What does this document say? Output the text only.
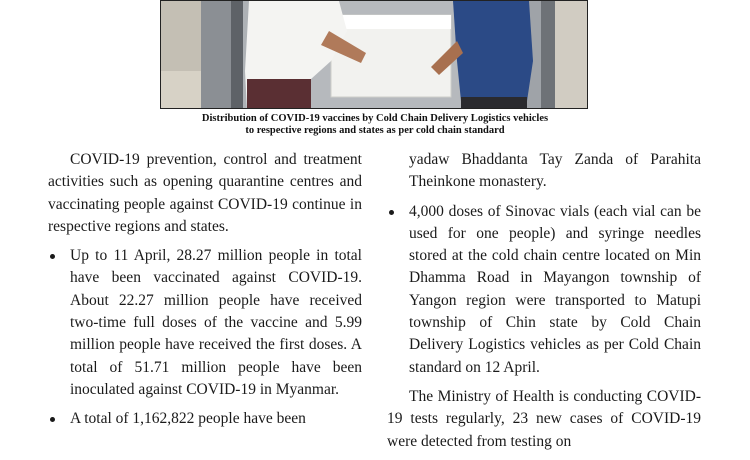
Distribution of COVID-19 vaccines by Cold Chain Delivery Logistics vehicles
to respective regions and states as per cold chain standard

COVID-19 prevention, control and treatment activities such as opening quarantine centres and vaccinating people against COVID-19 continue in respective regions and states.

Up to 11 April, 28.27 million people in total have been vaccinated against COVID-19. About 22.27 million people have received two-time full doses of the vaccine and 5.99 million people have received the first doses. A total of 51.71 million people have been inoculated against COVID-19 in Myanmar.

A total of 1,162,822 people have been

yadaw Bhaddanta Tay Zanda of Parahita Theinkone monastery.

4,000 doses of Sinovac vials (each vial can be used for one people) and syringe needles stored at the cold chain centre located on Min Dhamma Road in Mayangon township of Yangon region were transported to Matupi township of Chin state by Cold Chain Delivery Logistics vehicles as per Cold Chain standard on 12 April.

The Ministry of Health is conducting COVID-19 tests regularly, 23 new cases of COVID-19 were detected from testing on
